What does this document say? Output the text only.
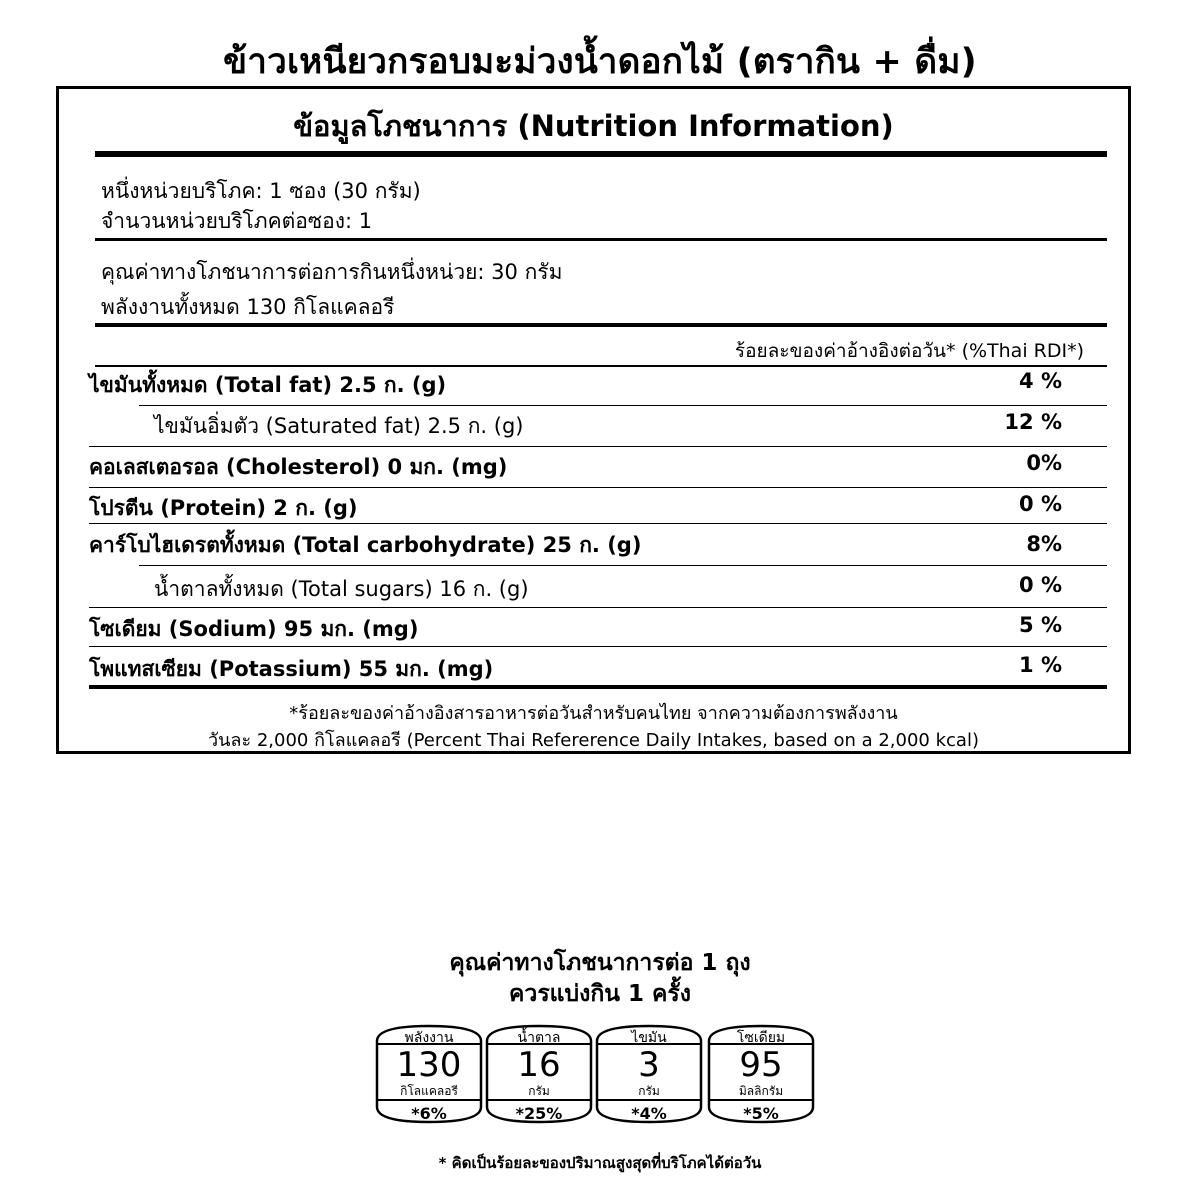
ข้าวเหนียวกรอบมะม่วงน้ำดอกไม้ (ตรากิน + ดื่ม)
ข้อมูลโภชนาการ (Nutrition Information)
หนึ่งหน่วยบริโภค: 1 ซอง (30 กรัม)
จำนวนหน่วยบริโภคต่อซอง: 1
คุณค่าทางโภชนาการต่อการกินหนึ่งหน่วย: 30 กรัม
พลังงานทั้งหมด 130 กิโลแคลอรี
ร้อยละของค่าอ้างอิงต่อวัน* (%Thai RDI*)
ไขมันทั้งหมด (Total fat) 2.5 ก. (g)	4 %
ไขมันอิ่มตัว (Saturated fat) 2.5 ก. (g)	12 %
คอเลสเตอรอล (Cholesterol) 0 มก. (mg)	0%
โปรตีน (Protein) 2 ก. (g)	0 %
คาร์โบไฮเดรตทั้งหมด (Total carbohydrate) 25 ก. (g)	8%
น้ำตาลทั้งหมด (Total sugars) 16 ก. (g)	0 %
โซเดียม (Sodium) 95 มก. (mg)	5 %
โพแทสเซียม (Potassium) 55 มก. (mg)	1 %
*ร้อยละของค่าอ้างอิงสารอาหารต่อวันสำหรับคนไทย จากความต้องการพลังงาน
วันละ 2,000 กิโลแคลอรี (Percent Thai Refererence Daily Intakes, based on a 2,000 kcal)
คุณค่าทางโภชนาการต่อ 1 ถุง
ควรแบ่งกิน 1 ครั้ง
พลังงาน
130
กิโลแคลอรี
*6%
น้ำตาล
16
กรัม
*25%
ไขมัน
3
กรัม
*4%
โซเดียม
95
มิลลิกรัม
*5%
* คิดเป็นร้อยละของปริมาณสูงสุดที่บริโภคได้ต่อวัน
